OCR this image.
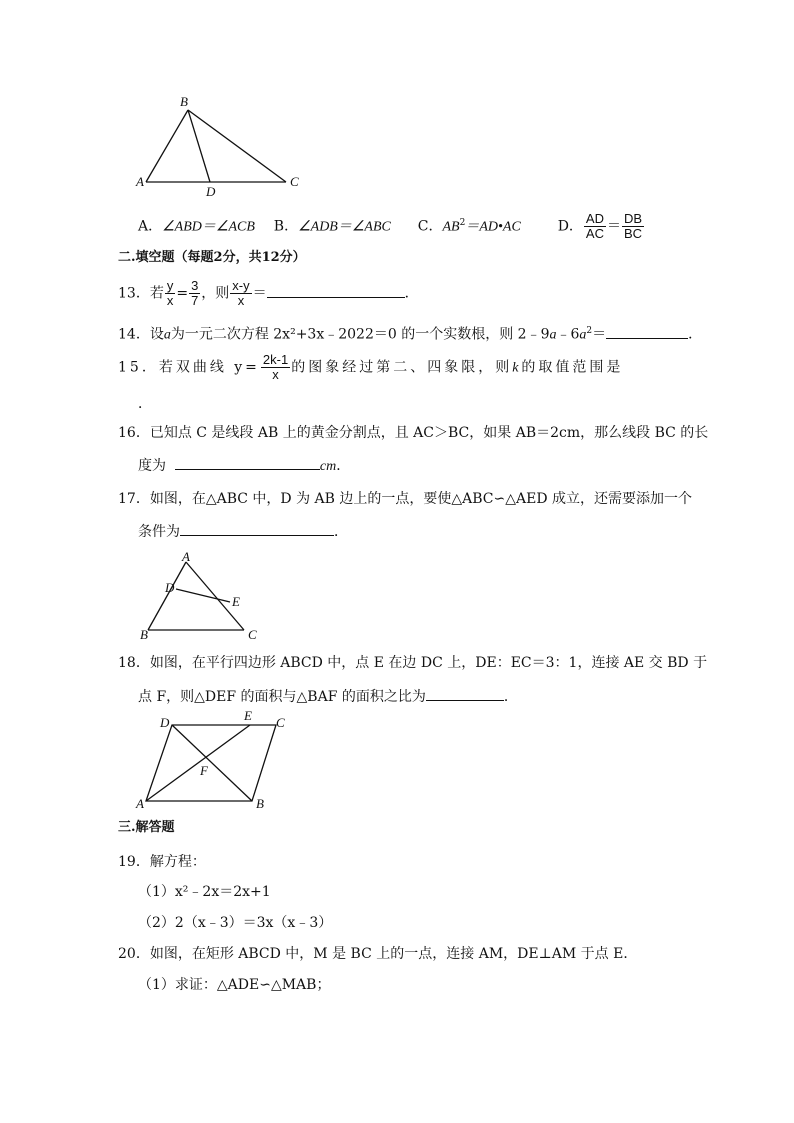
B
A
D
C
A．∠ABD＝∠ACB B．∠ADB＝∠ABC C．$AB^2=AD•AC$	D． $\frac{AD}{AC} = \frac{DB}{BC}$
二.填空题（每题2分，共12分）
13．若 $\frac{y}{x} = \frac{3}{7}$ ，则 $\frac{x-y}{x}$ ＝	．
14．设a为一元二次方程 2x²+3x﹣2022＝0 的一个实数根，则 $2﹣9a﹣6a^2=$	．
15．若双曲线 $y= \frac{2k-1}{x}$ 的图象经过第二、四象限，则k的取值范围是
．
16．已知点 C 是线段 AB 上的黄金分割点，且 AC＞BC，如果 AB＝2cm，那么线段 BC 的长
度为	cm．
17．如图，在△ABC 中，D 为 AB 边上的一点，要使△ABC∽△AED 成立，还需要添加一个
条件为	．
A
D
E
B	C
18．如图，在平行四边形 ABCD 中，点 E 在边 DC 上，DE：EC＝3：1，连接 AE 交 BD 于
点 F，则△DEF 的面积与△BAF 的面积之比为	．
D	E C
F
A	B
三.解答题
19．解方程：
（1）x²﹣2x＝2x+1
（2）2（x﹣3）＝3x（x﹣3）
20．如图，在矩形 ABCD 中，M 是 BC 上的一点，连接 AM，DE⊥AM 于点 E．
（1）求证：△ADE∽△MAB；
